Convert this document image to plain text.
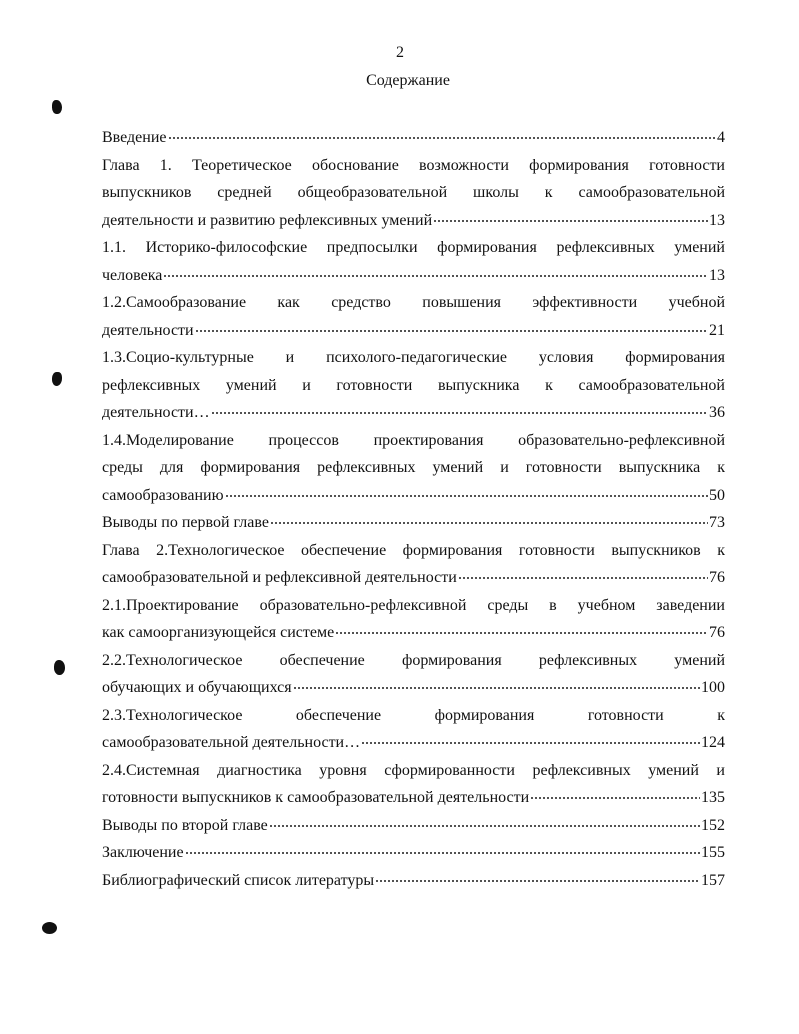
2
Содержание
Введение	4
Глава 1. Теоретическое обоснование возможности формирования готовности
выпускников средней общеобразовательной школы к самообразовательной
деятельности и развитию рефлексивных умений	13
1.1. Историко-философские предпосылки формирования рефлексивных умений
человека	13
1.2.Самообразование как средство повышения эффективности учебной
деятельности	21
1.3.Социо-культурные и психолого-педагогические условия формирования
рефлексивных умений и готовности выпускника к самообразовательной
деятельности…	36
1.4.Моделирование процессов проектирования образовательно-рефлексивной
среды для формирования рефлексивных умений и готовности выпускника к
самообразованию	50
Выводы по первой главе	73
Глава 2.Технологическое обеспечение формирования готовности выпускников к
самообразовательной и рефлексивной деятельности	76
2.1.Проектирование образовательно-рефлексивной среды в учебном заведении
как самоорганизующейся системе	76
2.2.Технологическое обеспечение формирования рефлексивных умений
обучающих и обучающихся	100
2.3.Технологическое обеспечение формирования готовности к
самообразовательной деятельности…	124
2.4.Системная диагностика уровня сформированности рефлексивных умений и
готовности выпускников к самообразовательной деятельности	135
Выводы по второй главе	152
Заключение	155
Библиографический список литературы	157
